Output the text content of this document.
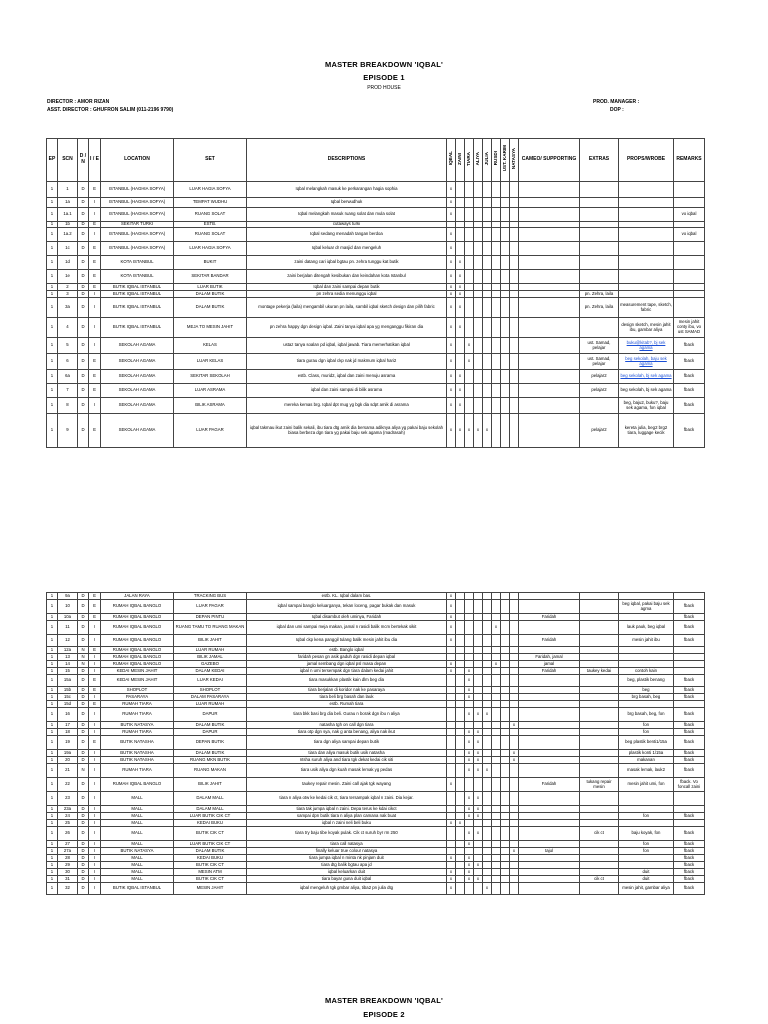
MASTER BREAKDOWN 'IQBAL'
EPISODE 1
PROD HOUSE
DIRECTOR : AMOR RIZAN
ASST. DIRECTOR : GHUFRON SALIM (011-2196 9790)
PROD. MANAGER :
DOP :
EP	SCN	D / N	I / E	LOCATION	SET	DESCRIPTIONS	IQBAL	ZAINI	TIARA	ALIYA	JULIA	RUSDI	UST. KARIM	NATASYA	CAMEO/ SUPPORTING	EXTRAS	PROPS/WROBE	REMARKS
1	1	D	E	ISTANBUL (HAGHIA SOFYA)	LUAR HAGIA SOFYA	Iqbal melangkah masuk ke perkarangan hagia sophia	x											
1	1a	D	I	ISTANBUL (HAGHIA SOFYA)	TEMPAT WUDHU	Iqbal berwudhuk	x											
1	1a.1	D	I	ISTANBUL (HAGHIA SOFYA)	RUANG SOLAT	Iqbal melangkah masuk ruang solat dan mula solat	x											vo iqbal
1	1b	D	E	SEKITAR TURKI	ESTB.	cutaways turki												
1	1a.2	D	I	ISTANBUL (HAGHIA SOFYA)	RUANG SOLAT	Iqbal sedang menadah tangan berdoa	x											vo iqbal
1	1c	D	E	ISTANBUL (HAGHIA SOFYA)	LUAR HAGIA SOFYA	Iqbal keluar dr masjid dan mengeluh	x											
1	1d	D	E	KOTA ISTANBUL	BUKIT	zaini datang cari iqbal bgtau pn. zehra tunggu kat butik	x	x										
1	1e	D	E	KOTA ISTANBUL	SEKITAR BANDAR	zaini berjalan ditengah kesibukan dan keindahan kota Istanbul	x	x										
1	2	D	E	BUTIK IQBAL ISTANBUL	LUAR BUTIK	Iqbal dan zaini sampai depan butik	x	x										
1	3	D	I	BUTIK IQBAL ISTANBUL	DALAM BUTIK	pn zehra sedia menunggu iqbal	x	x								pn. Zehra, laila		
1	3a	D	I	BUTIK IQBAL ISTANBUL	DALAM BUTIK	montage pekerja (laila) mengambil ukuran pn laila, sambil iqbal sketch design dan pilih fabric	x	x								pn. Zehra, laila	measurement tape, sketch, fabric	
1	4	D	I	BUTIK IQBAL ISTANBUL	MEJA TO MESIN JAHIT	pn zehra happy dgn design iqbal. Zaini tanya iqbal apa yg menganggu fikiran dia	x	x									design sketch, mesin jahit ibu, gambar aliya	mesin jahit conty ibu, vo ust SAMAD
1	5	D	I	SEKOLAH AGAMA	KELAS	ustaz tanya soalan pd iqbal, iqbal jawab. Tiara memerhatikan iqbal	x		x							ust. Samad, pelajar	buku@kitab?, bj sek agama	fback
1	6	D	E	SEKOLAH AGAMA	LUAR KELAS	tiara gurau dgn iqbal ckp nak jd makmum iqbal hari2	x		x							ust. Samad, pelajar	beg sekolah, baju sek agama	fback
1	6a	D	E	SEKOLAH AGAMA	SEKITAR SEKOLAH	estb. Class, murid2, iqbal dan zaini menuju asrama	x	x								pelajar2	beg sekolah, bj sek agama	fback
1	7	D	E	SEKOLAH AGAMA	LUAR ASRAMA	iqbal dan zaini sampai di bilik asrama	x	x								pelajar2	beg sekolah, bj sek agama	fback
1	8	D	I	SEKOLAH AGAMA	BILIK ASRAMA	mereka kemas brg. Iqbal dpt mug yg bgk dia sdpt amik di asrama	x	x									beg, baju2, buku?, baju sek agama, fon iqbal	fback
1	9	D	E	SEKOLAH AGAMA	LUAR PAGAR	iqbal takmau ikut zaini balik sekali, ibu tiara dtg amik dia bersama adiknya aliya yg pakai baju sekolah biasa berbeza dgn tiara yg pakai baju sek agama (madrasah)	x	x	x	x	x					pelajar2	kereta julia, beg2 brg2 tiara, luggage kecik	fback
1	9a	D	E	JALAN RAYA	TRACKING BUS	estb. KL. Iqbal dalam bas.	x											
1	10	D	E	RUMAH IQBAL BANGLO	LUAR PAGAR	iqbal sampai banglo keluarganya, tekan loceng, pagar bukak dan masuk	x										beg iqbal, pakai baju sek agma	fback
1	10a	D	E	RUMAH IQBAL BANGLO	DEPAN PINTU	Iqbal disambut oleh uminya, Faridah	x								Faridah			fback
1	11	D	I	RUMAH IQBAL BANGLO	RUANG TAMU TO RUANG MAKAN	iqbal dan umi sampai meja makan, jamal n rasidi balik mcm bertekak sikit	x					x					lauk pauk, beg iqbal	fback
1	12	D	I	RUMAH IQBAL BANGLO	BILIK JAHIT	Iqbal ckp kena panggil tulang balik mesin jahit ibu dia	x								Faridah		mesin jahit ibu	fback
1	12a	N	E	RUMAH IQBAL BANGLO	LUAR RUMAH	estb. Banglo iqbal												
1	13	N	I	RUMAH IQBAL BANGLO	BILIK JAMAL	faridah pesan gn asik gaduh dgn rasidi depan iqbal									Faridah, jamal			
1	14	N	I	RUMAH IQBAL BANGLO	GAZEBO	jamal sembang dgn iqbal psl masa depan	x					x			jamal			
1	15	D	I	KEDAI MESIN JAHIT	DALAM KEDAI	iqbal n umi tersempak dgn tiara dalam kedai jahit	x		x						Faridah	taukey kedai	contoh kain	
1	15a	D	E	KEDAI MESIN JAHIT	LUAR KEDAI	tiara masukkan plastik kain dlm beg dia			x								beg, plastik benang	fback
1	15b	D	E	SHOPLOT	SHOPLOT	tiara berjalan di koridor nak ke pasaraya			x								beg	fback
1	15c	D	I	PASARAYA	DALAM PASARAYA	tiara beli brg basah dan lauk			x								brg basah, beg	fback
1	15d	D	E	RUMAH TIARA	LUAR RUMAH	estb. Rumah tiara												
1	16	D	I	RUMAH TIARA	DAPUR	tiara bkk basi brg dia beli. Gurau n borak dgn ibu n aliya			x	x	x						brg basah, beg, fon	fback
1	17	D	I	BUTIK NATASYA	DALAM BUTIK	natasha tgh on call dgn tiara								x			fon	fback
1	18	D	I	RUMAH TIARA	DAPUR	tiara otp dgn sya, nak g anta benang, aliya nak ikut			x	x							fon	fback
1	19	D	E	BUTIK NATASHA	DEPAN BUTIK	tiara dgn aliya sampai depan butik			x	x							beg plastik benti1/15a	fback
1	19a	D	I	BUTIK NATASHA	DALAM BUTIK	tiara dan aliya masuk butik usik natasha			x	x				x			plastik konti 1/15a	fback
1	20	D	I	BUTIK NATASHA	RUANG MKN BUTIK	ntsha suruh aliya and tiara tgk dekat kedai cik siti			x	x				x			makanan	fback
1	21	N	I	RUMAH TIARA	RUANG MAKAN	tiara usik aliya dgn kuah masak lemak yg pedas			x	x	x						masak lemak, lauk2	fback
1	22	D	I	RUMAH IQBAL BANGLO	BILIK JAHIT	taukey repair mesin. Zaini call ajak tgk wayang	x								Faridah	tukang repair mesin	mesin jahit umi, fon	fback. Vo foncall zaini
1	23	D	I	MALL	DALAM MALL	tiara n aliya otw ke kedai cik ct, tiara tersampak iqbal n zaini. Dia kejar.			x	x								
1	23a	D	I	MALL	DALAM MALL	tiara tak jumpa iqbal n zaini. Depa terus ke kdai cikct			x	x								
1	24	D	I	MALL	LUAR BUTIK CIK CT	sampai dpn butik tiara n aliya plan camana nak buat			x	x							fon	fback
1	25	D	I	MALL	KEDAI BUKU	iqbal n zaini neli beli buku	x	x										
1	26	D	I	MALL	BUTIK CIK CT	tiara try baju tibe koyak pulak. Cik ct suruh byr rm 250			x	x						cik ct	baju koyak, fon	fback
1	27	D	I	MALL	LUAR BUTIK CIK CT	tiara call natasya			x								fon	fback
1	27a	D	I	BUTIK NATASYA	DALAM BUTIK	finally keluar true colour natasya								x	tajul		fon	fback
1	28	D	I	MALL	KEDAI BUKU	tiara jumpa iqbal n minta nk pinjam duit	x		x									fback
1	29	D	I	MALL	BUTIK CIK CT	tiara dtg balik bgtau apa jd			x	x								fback
1	30	D	I	MALL	MESIN ATM	iqbal keluarkan duit	x		x								duit	fback
1	31	D	I	MALL	BUTIK CIK CT	tiara bayar guna duit iqbal	x		x	x						cik ct	duit	fback
1	32	D	I	BUTIK IQBAL ISTANBUL	MESIN JAHIT	iqbal mengeluh tgk gmbar aliya, tiba2 pn julia dtg	x				x						mesin jahit, gambar aliya	fback
MASTER BREAKDOWN 'IQBAL'
EPISODE 2
